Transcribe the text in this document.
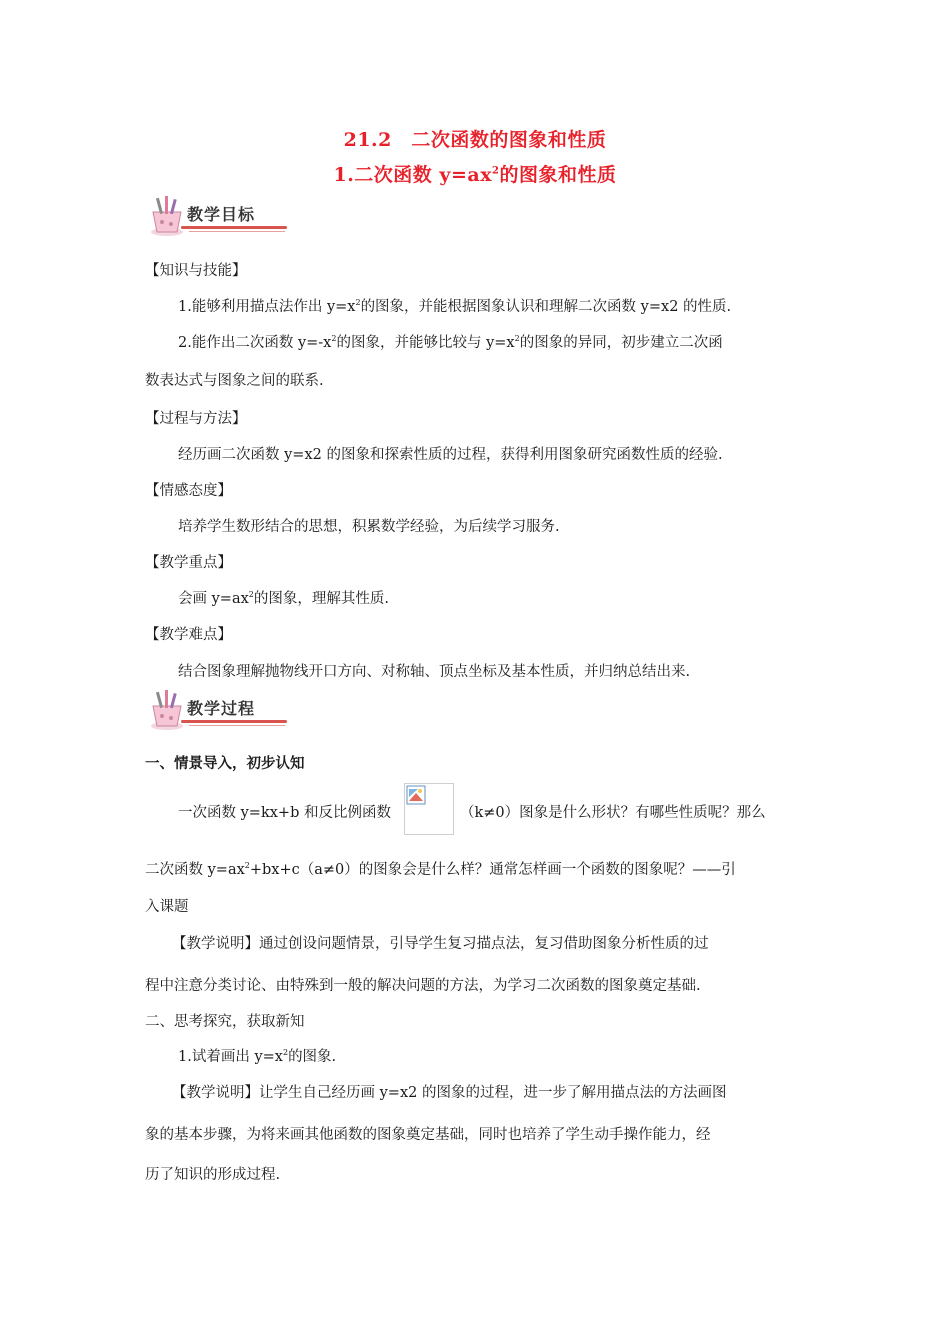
21.2　二次函数的图象和性质
1.二次函数 $y=ax^2$的图象和性质
教学目标
【知识与技能】
1.能够利用描点法作出 $y=x^2$的图象，并能根据图象认识和理解二次函数 y=x2 的性质.
2.能作出二次函数 $y=-x^2$的图象，并能够比较与 $y=x^2$的图象的异同，初步建立二次函
数表达式与图象之间的联系.
【过程与方法】
经历画二次函数 y=x2 的图象和探索性质的过程，获得利用图象研究函数性质的经验.
【情感态度】
培养学生数形结合的思想，积累数学经验，为后续学习服务.
【教学重点】
会画 $y=ax^2$的图象，理解其性质.
【教学难点】
结合图象理解抛物线开口方向、对称轴、顶点坐标及基本性质，并归纳总结出来.
教学过程
一、情景导入，初步认知
一次函数 y=kx+b 和反比例函数	（k≠0）图象是什么形状？有哪些性质呢？那么
二次函数 $y=ax^2+bx+c(a\ne 0)$的图象会是什么样？通常怎样画一个函数的图象呢？——引
入课题
【教学说明】通过创设问题情景，引导学生复习描点法，复习借助图象分析性质的过
程中注意分类讨论、由特殊到一般的解决问题的方法，为学习二次函数的图象奠定基础.
二、思考探究，获取新知
1.试着画出 $y=x^2$的图象.
【教学说明】让学生自己经历画 y=x2 的图象的过程，进一步了解用描点法的方法画图
象的基本步骤，为将来画其他函数的图象奠定基础，同时也培养了学生动手操作能力，经
历了知识的形成过程.
